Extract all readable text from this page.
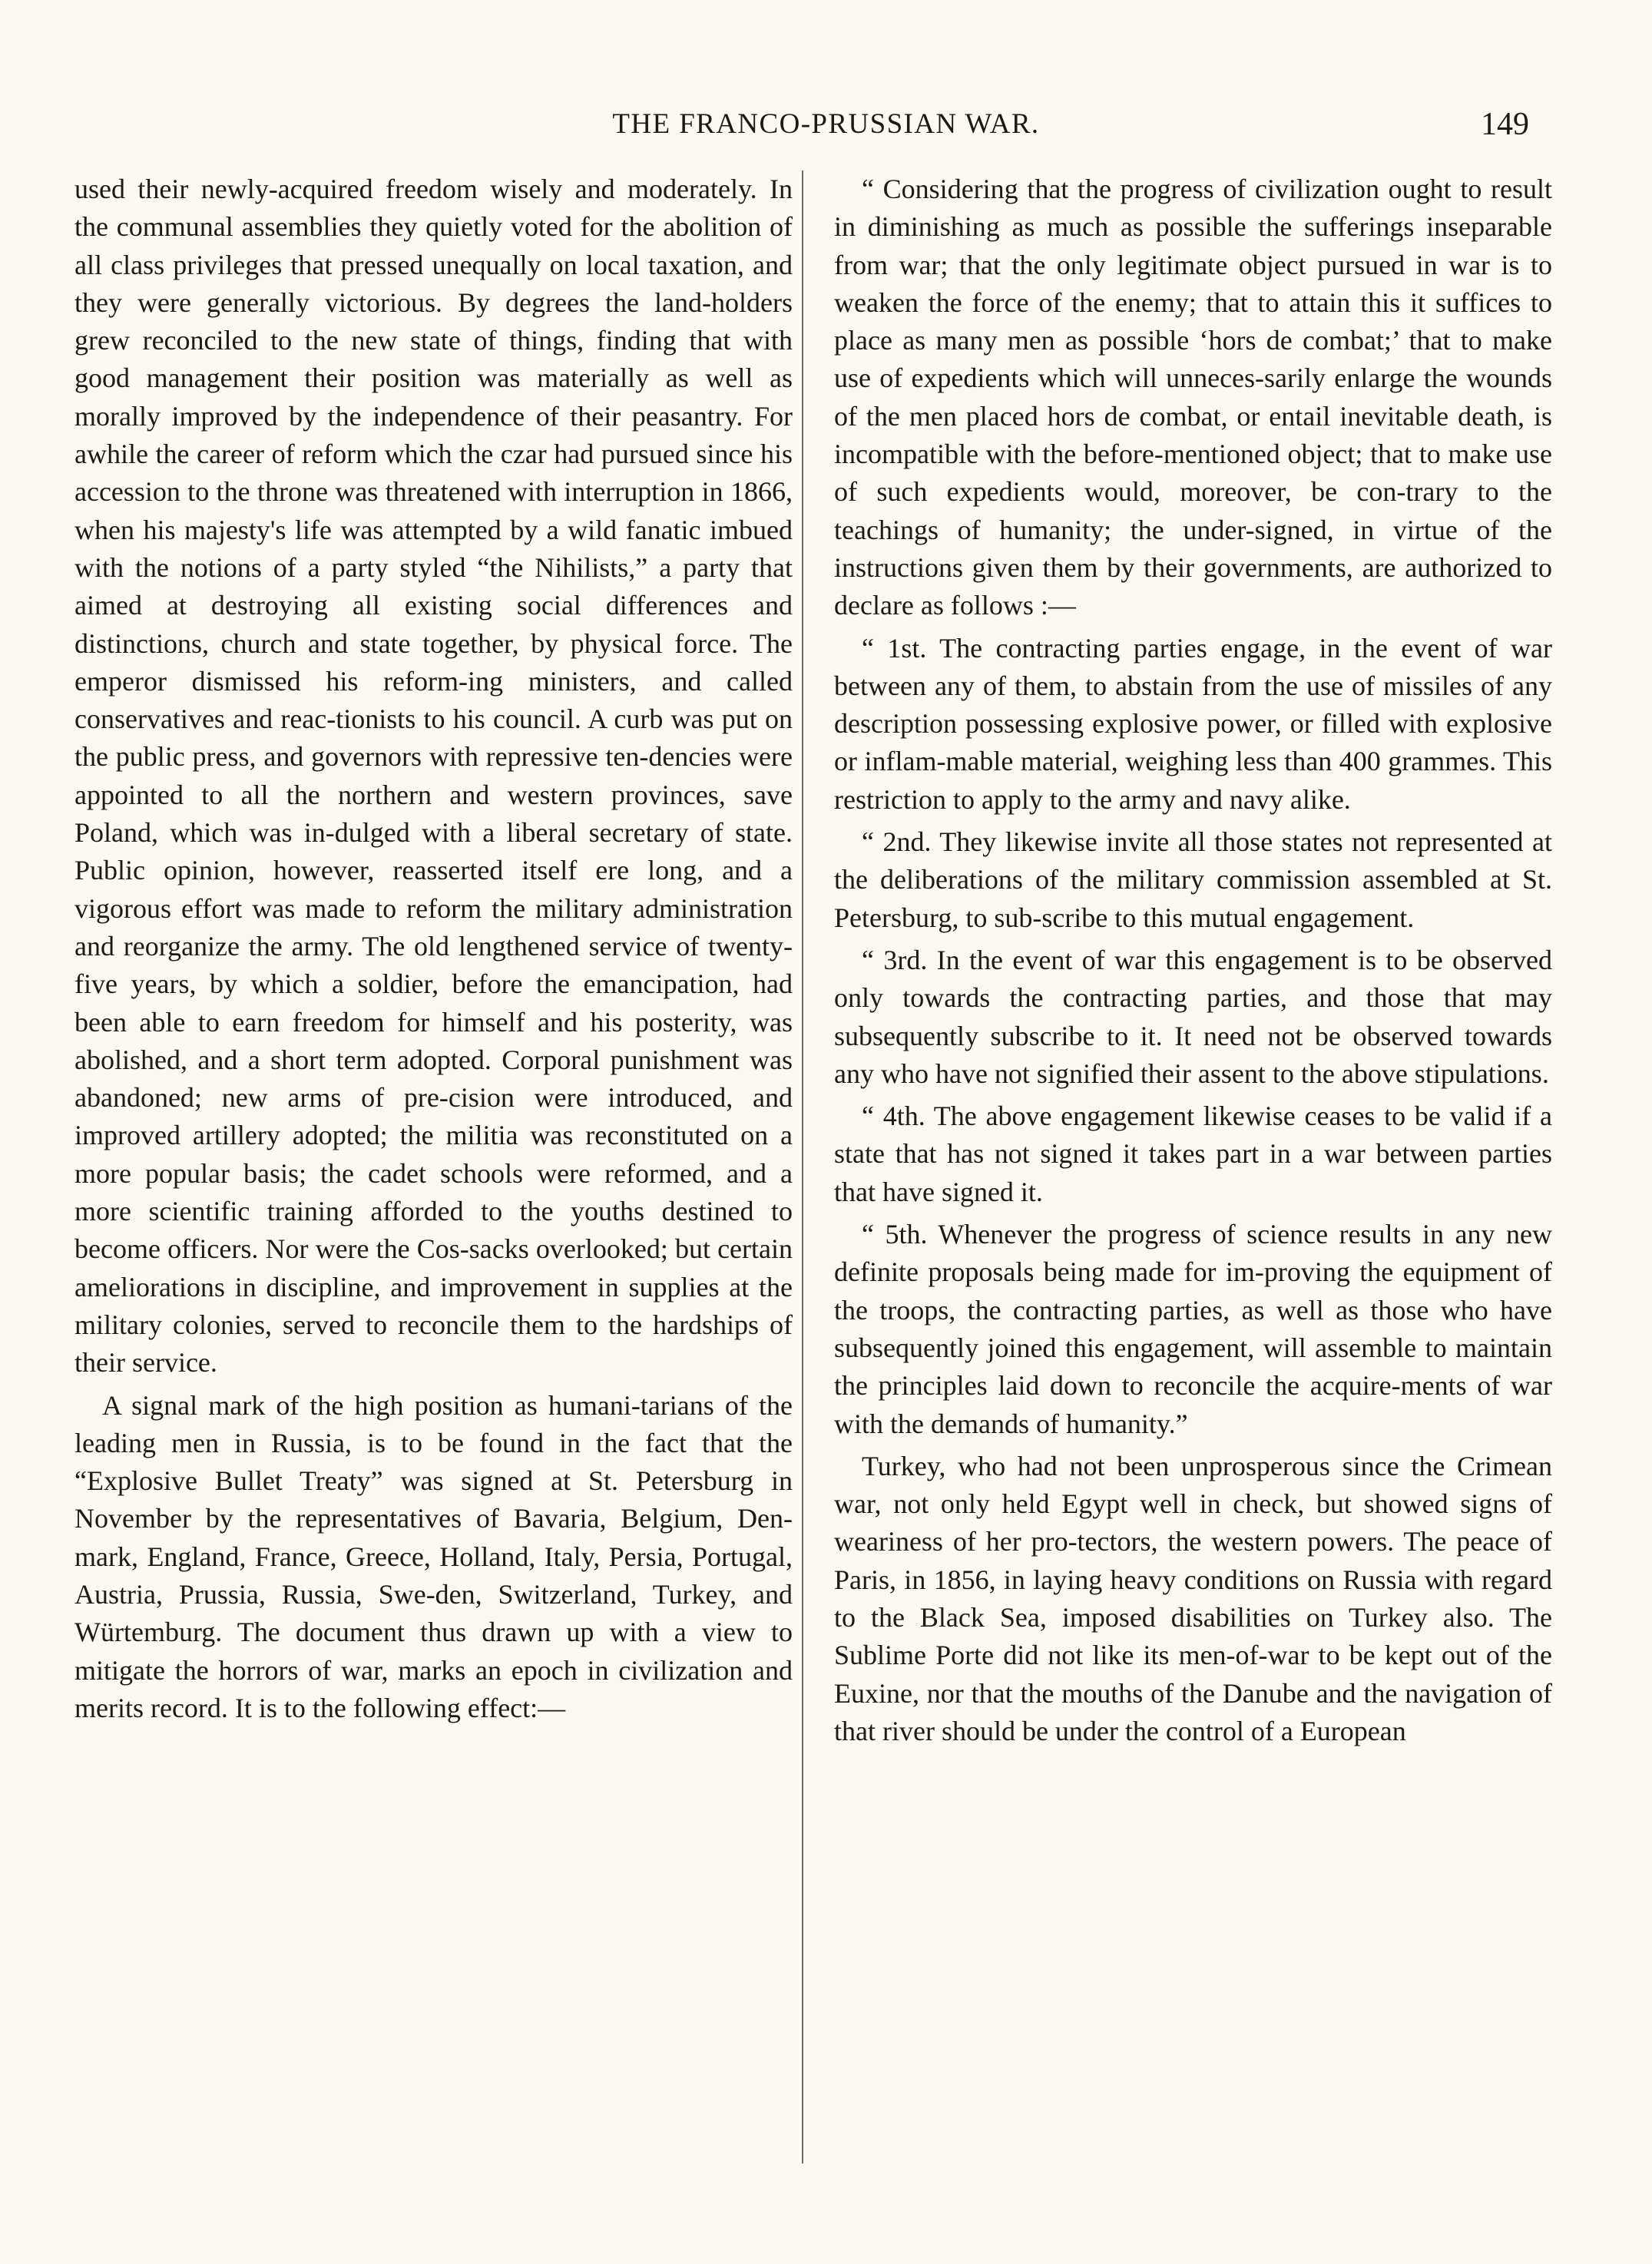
THE FRANCO-PRUSSIAN WAR.	149

used their newly-acquired freedom wisely and moderately. In the communal assemblies they quietly voted for the abolition of all class privileges that pressed unequally on local taxation, and they were generally victorious. By degrees the land-holders grew reconciled to the new state of things, finding that with good management their position was materially as well as morally improved by the independence of their peasantry. For awhile the career of reform which the czar had pursued since his accession to the throne was threatened with interruption in 1866, when his majesty's life was attempted by a wild fanatic imbued with the notions of a party styled “the Nihilists,” a party that aimed at destroying all existing social differences and distinctions, church and state together, by physical force. The emperor dismissed his reform-ing ministers, and called conservatives and reac-tionists to his council. A curb was put on the public press, and governors with repressive ten-dencies were appointed to all the northern and western provinces, save Poland, which was in-dulged with a liberal secretary of state. Public opinion, however, reasserted itself ere long, and a vigorous effort was made to reform the military administration and reorganize the army. The old lengthened service of twenty-five years, by which a soldier, before the emancipation, had been able to earn freedom for himself and his posterity, was abolished, and a short term adopted. Corporal punishment was abandoned; new arms of pre-cision were introduced, and improved artillery adopted; the militia was reconstituted on a more popular basis; the cadet schools were reformed, and a more scientific training afforded to the youths destined to become officers. Nor were the Cos-sacks overlooked; but certain ameliorations in discipline, and improvement in supplies at the military colonies, served to reconcile them to the hardships of their service.

A signal mark of the high position as humani-tarians of the leading men in Russia, is to be found in the fact that the “Explosive Bullet Treaty” was signed at St. Petersburg in November by the representatives of Bavaria, Belgium, Den-mark, England, France, Greece, Holland, Italy, Persia, Portugal, Austria, Prussia, Russia, Swe-den, Switzerland, Turkey, and Würtemburg. The document thus drawn up with a view to mitigate the horrors of war, marks an epoch in civilization and merits record. It is to the following effect:—

“ Considering that the progress of civilization ought to result in diminishing as much as possible the sufferings inseparable from war; that the only legitimate object pursued in war is to weaken the force of the enemy; that to attain this it suffices to place as many men as possible ‘hors de combat;’ that to make use of expedients which will unneces-sarily enlarge the wounds of the men placed hors de combat, or entail inevitable death, is incompatible with the before-mentioned object; that to make use of such expedients would, moreover, be con-trary to the teachings of humanity; the under-signed, in virtue of the instructions given them by their governments, are authorized to declare as follows :—

“ 1st. The contracting parties engage, in the event of war between any of them, to abstain from the use of missiles of any description possessing explosive power, or filled with explosive or inflam-mable material, weighing less than 400 grammes. This restriction to apply to the army and navy alike.

“ 2nd. They likewise invite all those states not represented at the deliberations of the military commission assembled at St. Petersburg, to sub-scribe to this mutual engagement.

“ 3rd. In the event of war this engagement is to be observed only towards the contracting parties, and those that may subsequently subscribe to it. It need not be observed towards any who have not signified their assent to the above stipulations.

“ 4th. The above engagement likewise ceases to be valid if a state that has not signed it takes part in a war between parties that have signed it.

“ 5th. Whenever the progress of science results in any new definite proposals being made for im-proving the equipment of the troops, the contracting parties, as well as those who have subsequently joined this engagement, will assemble to maintain the principles laid down to reconcile the acquire-ments of war with the demands of humanity.”

Turkey, who had not been unprosperous since the Crimean war, not only held Egypt well in check, but showed signs of weariness of her pro-tectors, the western powers. The peace of Paris, in 1856, in laying heavy conditions on Russia with regard to the Black Sea, imposed disabilities on Turkey also. The Sublime Porte did not like its men-of-war to be kept out of the Euxine, nor that the mouths of the Danube and the navigation of that river should be under the control of a European
